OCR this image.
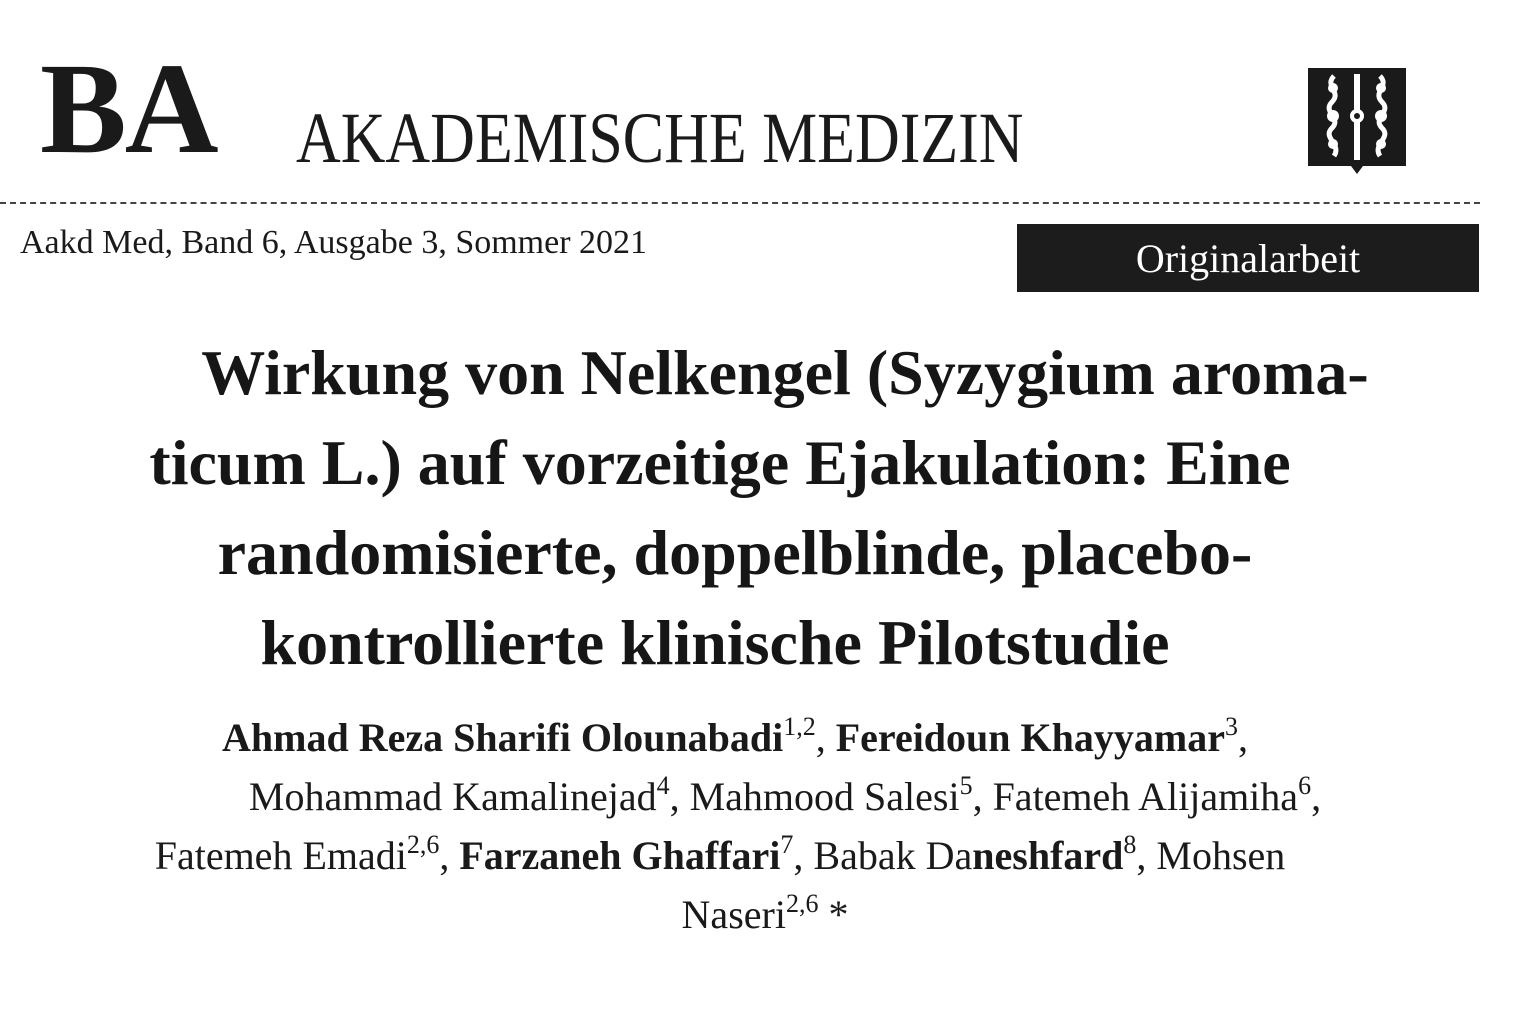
BA AKADEMISCHE MEDIZIN
Aakd Med, Band 6, Ausgabe 3, Sommer 2021	Originalarbeit
Wirkung von Nelkengel (Syzygium aroma-
ticum L.) auf vorzeitige Ejakulation: Eine
randomisierte, doppelblinde, placebo-
kontrollierte klinische Pilotstudie
Ahmad Reza Sharifi Olounabadi$^{1,2}$, Fereidoun Khayyamar$^3$,
Mohammad Kamalinejad$^4$, Mahmood Salesi$^5$, Fatemeh Alijamiha$^6$,
Fatemeh Emadi$^{2,6}$, Farzaneh Ghaffari$^7$, Babak Daneshfard$^8$, Mohsen
Naseri$^{2,6}$ *
